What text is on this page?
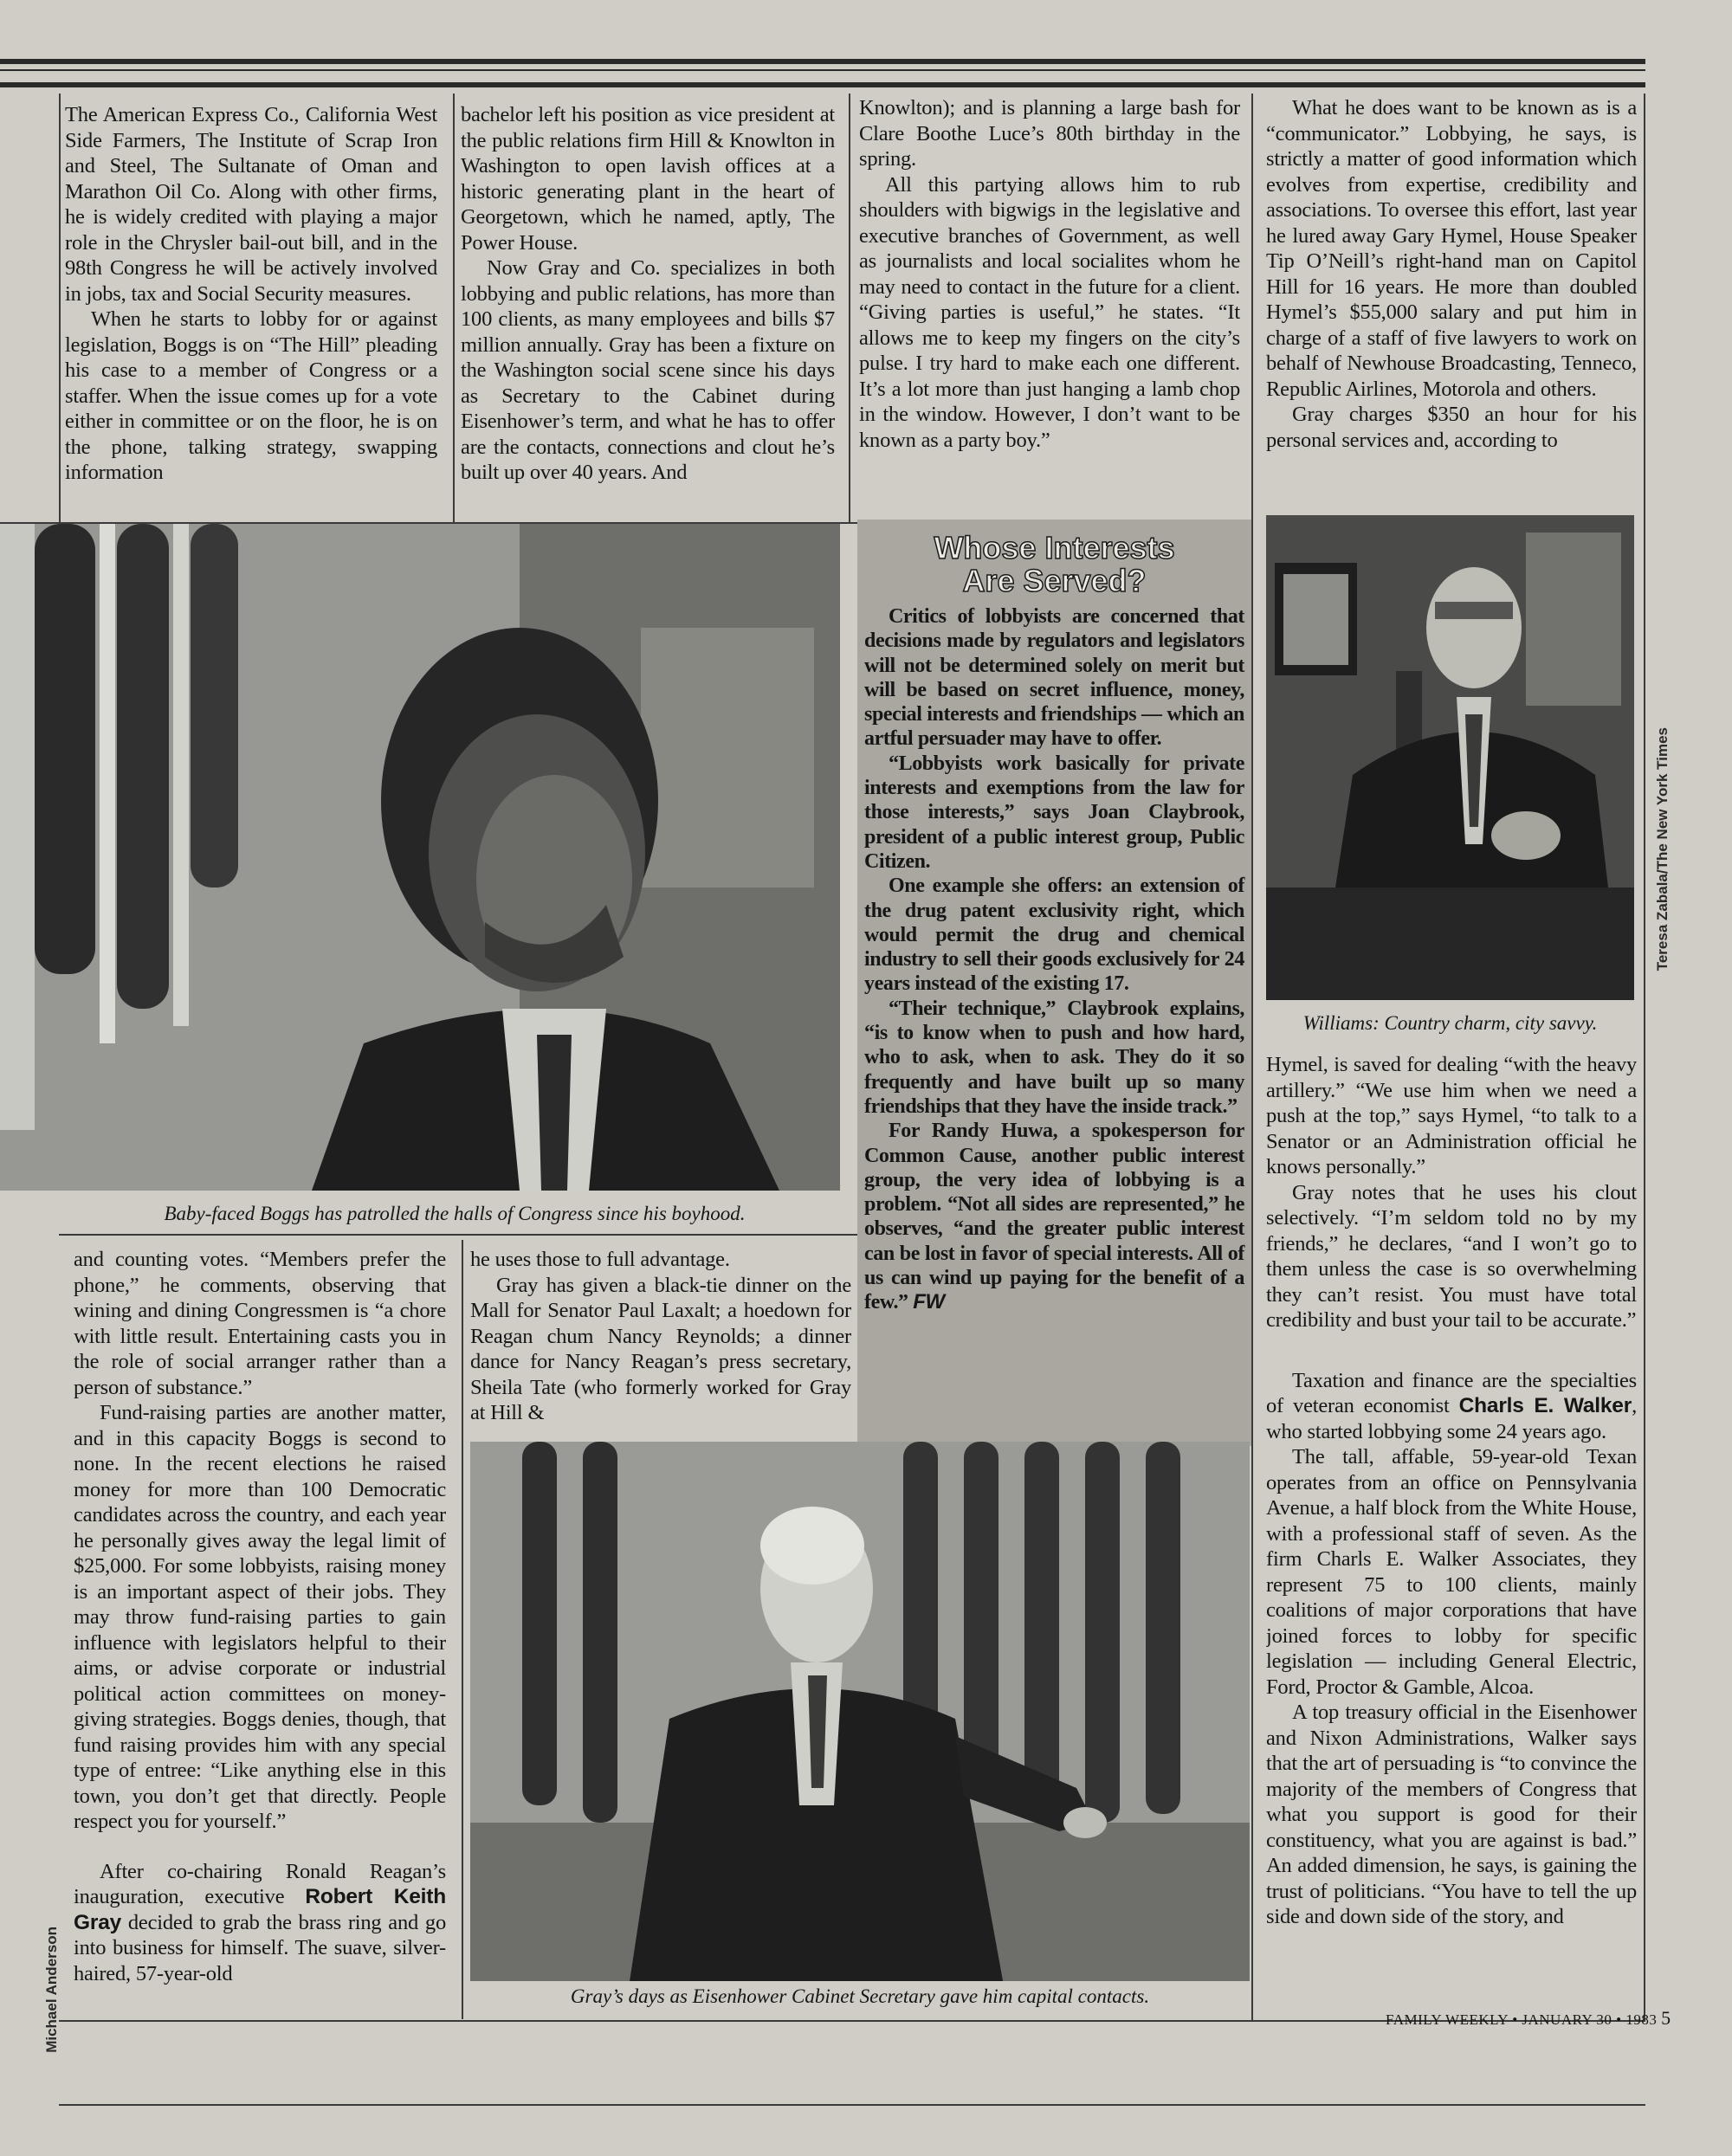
The American Express Co., California West Side Farmers, The Institute of Scrap Iron and Steel, The Sultanate of Oman and Marathon Oil Co. Along with other firms, he is widely credited with playing a major role in the Chrysler bail-out bill, and in the 98th Congress he will be actively involved in jobs, tax and Social Security measures.

When he starts to lobby for or against legislation, Boggs is on “The Hill” pleading his case to a member of Congress or a staffer. When the issue comes up for a vote either in committee or on the floor, he is on the phone, talking strategy, swapping information

bachelor left his position as vice president at the public relations firm Hill & Knowlton in Washington to open lavish offices at a historic generating plant in the heart of Georgetown, which he named, aptly, The Power House.

Now Gray and Co. specializes in both lobbying and public relations, has more than 100 clients, as many employees and bills $7 million annually. Gray has been a fixture on the Washington social scene since his days as Secretary to the Cabinet during Eisenhower’s term, and what he has to offer are the contacts, connections and clout he’s built up over 40 years. And

Knowlton); and is planning a large bash for Clare Boothe Luce’s 80th birthday in the spring.

All this partying allows him to rub shoulders with bigwigs in the legislative and executive branches of Government, as well as journalists and local socialites whom he may need to contact in the future for a client. “Giving parties is useful,” he states. “It allows me to keep my fingers on the city’s pulse. I try hard to make each one different. It’s a lot more than just hanging a lamb chop in the window. However, I don’t want to be known as a party boy.”

What he does want to be known as is a “communicator.” Lobbying, he says, is strictly a matter of good information which evolves from expertise, credibility and associations. To oversee this effort, last year he lured away Gary Hymel, House Speaker Tip O’Neill’s right-hand man on Capitol Hill for 16 years. He more than doubled Hymel’s $55,000 salary and put him in charge of a staff of five lawyers to work on behalf of Newhouse Broadcasting, Tenneco, Republic Airlines, Motorola and others.

Gray charges $350 an hour for his personal services and, according to

Baby-faced Boggs has patrolled the halls of Congress since his boyhood.
Teresa Zabala/The New York Times
Williams: Country charm, city savvy.
Whose Interests
Are Served?

Critics of lobbyists are concerned that decisions made by regulators and legislators will not be determined solely on merit but will be based on secret influence, money, special interests and friendships — which an artful persuader may have to offer.

“Lobbyists work basically for private interests and exemptions from the law for those interests,” says Joan Claybrook, president of a public interest group, Public Citizen.

One example she offers: an extension of the drug patent exclusivity right, which would permit the drug and chemical industry to sell their goods exclusively for 24 years instead of the existing 17.

“Their technique,” Claybrook explains, “is to know when to push and how hard, who to ask, when to ask. They do it so frequently and have built up so many friendships that they have the inside track.”

For Randy Huwa, a spokesperson for Common Cause, another public interest group, the very idea of lobbying is a problem. “Not all sides are represented,” he observes, “and the greater public interest can be lost in favor of special interests. All of us can wind up paying for the benefit of a few.” FW

and counting votes. “Members prefer the phone,” he comments, observing that wining and dining Congressmen is “a chore with little result. Entertaining casts you in the role of social arranger rather than a person of substance.”

Fund-raising parties are another matter, and in this capacity Boggs is second to none. In the recent elections he raised money for more than 100 Democratic candidates across the country, and each year he personally gives away the legal limit of $25,000. For some lobbyists, raising money is an important aspect of their jobs. They may throw fund-raising parties to gain influence with legislators helpful to their aims, or advise corporate or industrial political action committees on money-giving strategies. Boggs denies, though, that fund raising provides him with any special type of entree: “Like anything else in this town, you don’t get that directly. People respect you for yourself.”

After co-chairing Ronald Reagan’s inauguration, executive Robert Keith Gray decided to grab the brass ring and go into business for himself. The suave, silver-haired, 57-year-old

Michael Anderson

he uses those to full advantage.

Gray has given a black-tie dinner on the Mall for Senator Paul Laxalt; a hoedown for Reagan chum Nancy Reynolds; a dinner dance for Nancy Reagan’s press secretary, Sheila Tate (who formerly worked for Gray at Hill &

Gray’s days as Eisenhower Cabinet Secretary gave him capital contacts.

Hymel, is saved for dealing “with the heavy artillery.” “We use him when we need a push at the top,” says Hymel, “to talk to a Senator or an Administration official he knows personally.”

Gray notes that he uses his clout selectively. “I’m seldom told no by my friends,” he declares, “and I won’t go to them unless the case is so overwhelming they can’t resist. You must have total credibility and bust your tail to be accurate.”

Taxation and finance are the specialties of veteran economist Charls E. Walker, who started lobbying some 24 years ago.

The tall, affable, 59-year-old Texan operates from an office on Pennsylvania Avenue, a half block from the White House, with a professional staff of seven. As the firm Charls E. Walker Associates, they represent 75 to 100 clients, mainly coalitions of major corporations that have joined forces to lobby for specific legislation — including General Electric, Ford, Proctor & Gamble, Alcoa.

A top treasury official in the Eisenhower and Nixon Administrations, Walker says that the art of persuading is “to convince the majority of the members of Congress that what you support is good for their constituency, what you are against is bad.” An added dimension, he says, is gaining the trust of politicians. “You have to tell the up side and down side of the story, and

FAMILY WEEKLY • JANUARY 30 • 1983 5
